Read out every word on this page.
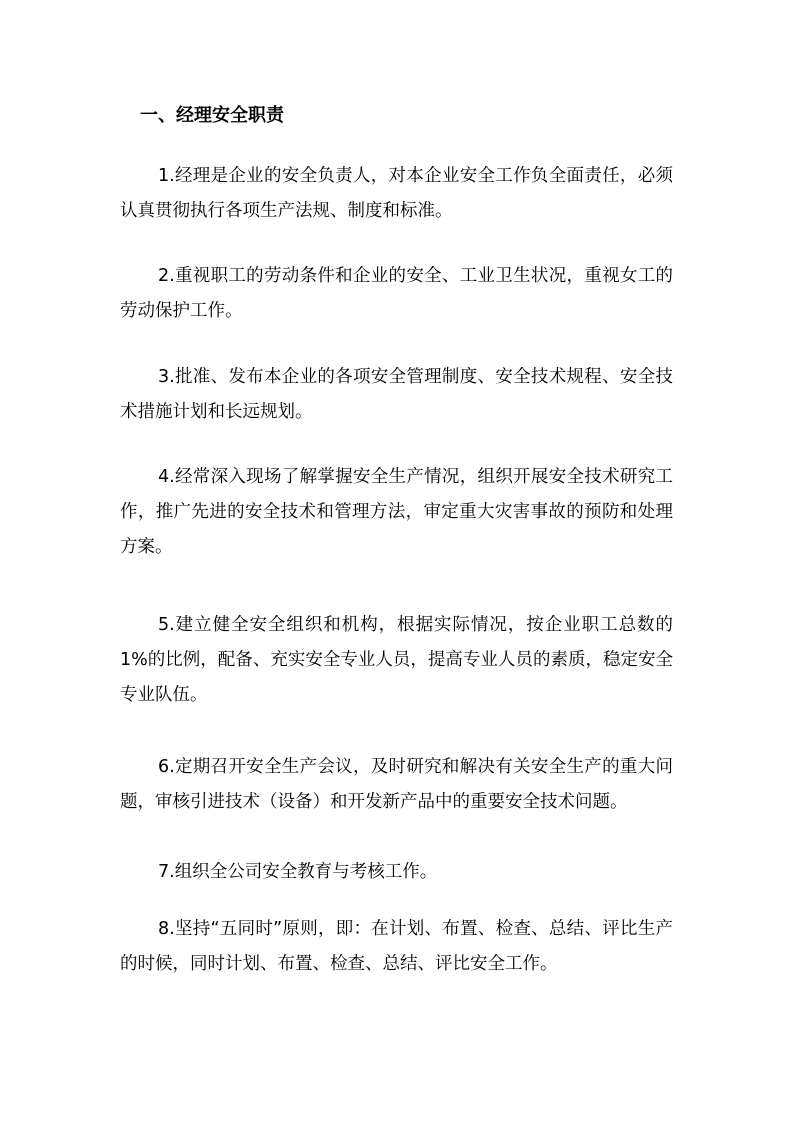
一、经理安全职责

1.经理是企业的安全负责人，对本企业安全工作负全面责任，必须认真贯彻执行各项生产法规、制度和标准。

2.重视职工的劳动条件和企业的安全、工业卫生状况，重视女工的劳动保护工作。

3.批准、发布本企业的各项安全管理制度、安全技术规程、安全技术措施计划和长远规划。

4.经常深入现场了解掌握安全生产情况，组织开展安全技术研究工作，推广先进的安全技术和管理方法，审定重大灾害事故的预防和处理方案。

5.建立健全安全组织和机构，根据实际情况，按企业职工总数的1%的比例，配备、充实安全专业人员，提高专业人员的素质，稳定安全专业队伍。

6.定期召开安全生产会议，及时研究和解决有关安全生产的重大问题，审核引进技术（设备）和开发新产品中的重要安全技术问题。

7.组织全公司安全教育与考核工作。

8.坚持“五同时”原则，即：在计划、布置、检查、总结、评比生产的时候，同时计划、布置、检查、总结、评比安全工作。
